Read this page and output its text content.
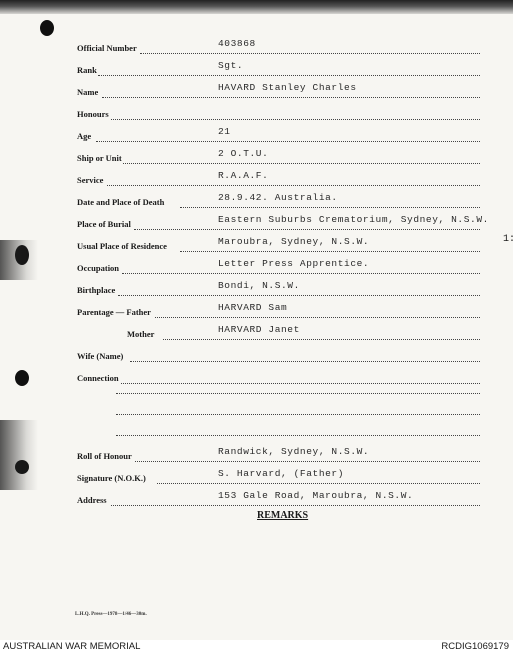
Official Number	403868
Rank	Sgt.
Name	HAVARD Stanley Charles
Honours
Age	21
Ship or Unit	2 O.T.U.
Service	R.A.A.F.
Date and Place of Death	28.9.42. Australia.
Place of Burial	Eastern Suburbs Crematorium, Sydney, N.S.W.
Usual Place of Residence	Maroubra, Sydney, N.S.W.
Occupation	Letter Press Apprentice.
Birthplace	Bondi, N.S.W.
Parentage — Father	HARVARD Sam
Mother	HARVARD Janet
Wife (Name)
Connection
Roll of Honour	Randwick, Sydney, N.S.W.
Signature (N.O.K.)	S. Harvard, (Father)
Address	153 Gale Road, Maroubra, N.S.W.
REMARKS
L.H.Q. Press—1978—1/46—30m.
1:
AUSTRALIAN WAR MEMORIAL	RCDIG1069179
